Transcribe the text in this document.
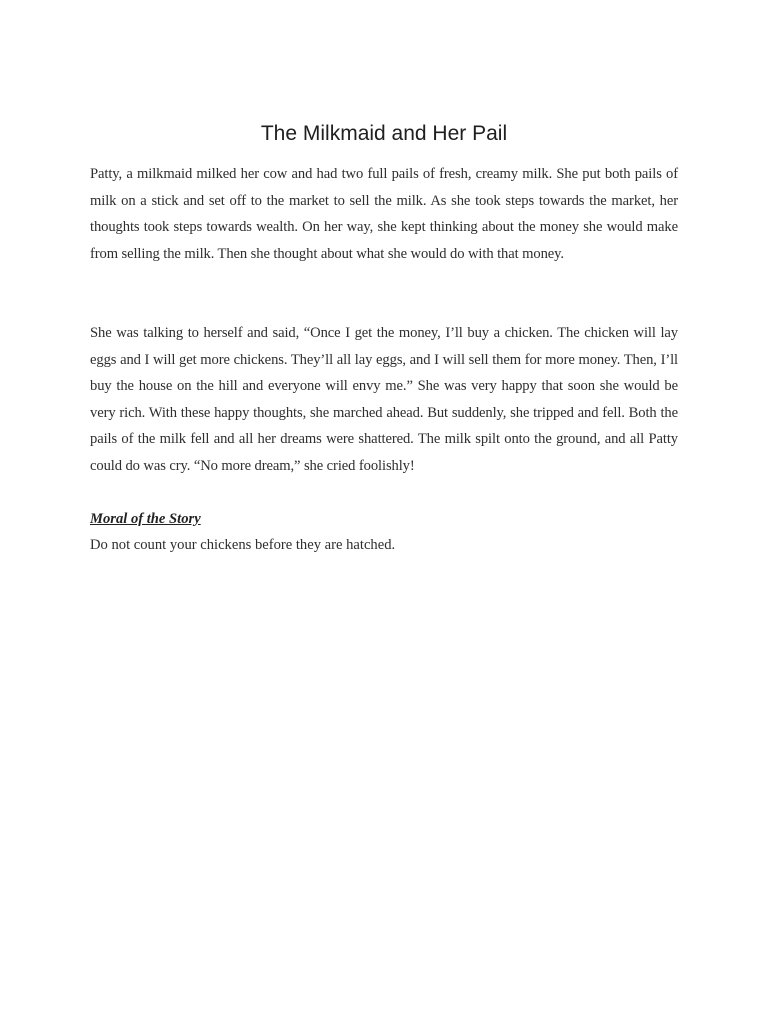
The Milkmaid and Her Pail

Patty, a milkmaid milked her cow and had two full pails of fresh, creamy milk. She put both pails of milk on a stick and set off to the market to sell the milk. As she took steps towards the market, her thoughts took steps towards wealth. On her way, she kept thinking about the money she would make from selling the milk. Then she thought about what she would do with that money.

She was talking to herself and said, “Once I get the money, I’ll buy a chicken. The chicken will lay eggs and I will get more chickens. They’ll all lay eggs, and I will sell them for more money. Then, I’ll buy the house on the hill and everyone will envy me.” She was very happy that soon she would be very rich. With these happy thoughts, she marched ahead. But suddenly, she tripped and fell. Both the pails of the milk fell and all her dreams were shattered. The milk spilt onto the ground, and all Patty could do was cry. “No more dream,” she cried foolishly!

Moral of the Story

Do not count your chickens before they are hatched.
